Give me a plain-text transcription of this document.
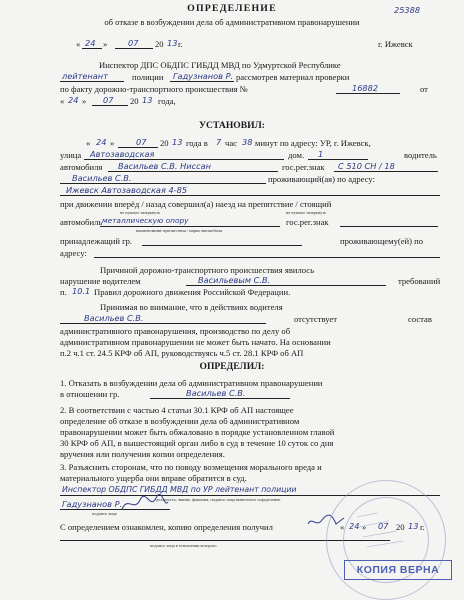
25388
ОПРЕДЕЛЕНИЕ
об отказе в возбуждении дела об административном правонарушении
« 24 »	07 20 13 г.	г. Ижевск
Инспектор ДПС ОБДПС ГИБДД МВД по Удмуртской Республике
лейтенант	полиции Гадузнанов Р. рассмотрев материал проверки
по факту дорожно-транспортного происшествия №	16882	от
« 24 » 07 20 13 года,
УСТАНОВИЛ:
« 24 »	07 20 13 года в 7 час 38 минут по адресу: УР, г. Ижевск,
улица Автозаводская	дом. 1	водитель
автомобиля Васильев С.В. Ниссан	гос.рег.знак С 510 СН / 18
Васильев С.В.	проживающий(ая) по адресу:
Ижевск Автозаводская 4-85
при движении вперёд / назад совершил(а) наезд на препятствие / стоящий
не нужное зачеркнуть	не нужное зачеркнуть
автомобиль металлическую опору	гос.рег.знак
наименование препятствия / марка автомобиля
принадлежащий гр.	проживающему(ей) по
адресу:
Причиной дорожно-транспортного происшествия явилось
нарушение водителем	Васильевым С.В.	требований
п. 10.1 Правил дорожного движения Российской Федерации.
Принимая во внимание, что в действиях водителя
Васильев С.В.	отсутствует	состав
административного правонарушения, производство по делу об
административном правонарушении не может быть начато. На основании
п.2 ч.1 ст. 24.5 КРФ об АП, руководствуясь ч.5 ст. 28.1 КРФ об АП
ОПРЕДЕЛИЛ:
1. Отказать в возбуждении дела об административном правонарушении
в отношении гр.	Васильев С.В.
2. В соответствии с частью 4 статьи 30.1 КРФ об АП настоящее
определение об отказе в возбуждении дела об административном
правонарушении может быть обжаловано в порядке установленном главой
30 КРФ об АП, в вышестоящий орган либо в суд в течение 10 суток со дня
вручения или получения копии определения.
3. Разъяснить сторонам, что по поводу возмещения морального вреда и
материального ущерба они вправе обратится в суд.
Инспектор ОБДПС ГИБДД МВД по УР лейтенант полиции
должность, звание, фамилия, подпись лица вынесшего определение
Гадузнанов Р.
подпись лица
С определением ознакомлен, копию определения получил	« 24 » 07 20 13 г.
подпись лица в отношении которого
КОПИЯ ВЕРНА
